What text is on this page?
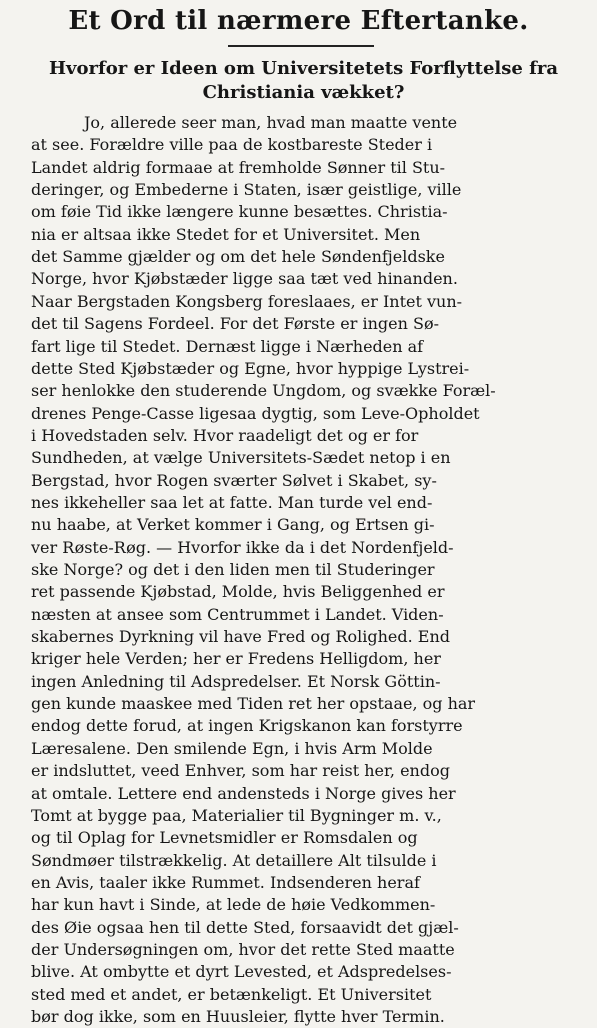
Et Ord til nærmere Eftertanke.
Hvorfor er Ideen om Universitetets Forflyttelse fra
Christiania vækket?
Jo, allerede seer man, hvad man maatte vente
at see. Forældre ville paa de kostbareste Steder i
Landet aldrig formaae at fremholde Sønner til Stu-
deringer, og Embederne i Staten, især geistlige, ville
om føie Tid ikke længere kunne besættes. Christia-
nia er altsaa ikke Stedet for et Universitet. Men
det Samme gjælder og om det hele Søndenfjeldske
Norge, hvor Kjøbstæder ligge saa tæt ved hinanden.
Naar Bergstaden Kongsberg foreslaaes, er Intet vun-
det til Sagens Fordeel. For det Første er ingen Sø-
fart lige til Stedet. Dernæst ligge i Nærheden af
dette Sted Kjøbstæder og Egne, hvor hyppige Lystrei-
ser henlokke den studerende Ungdom, og svække Foræl-
drenes Penge-Casse ligesaa dygtig, som Leve-Opholdet
i Hovedstaden selv. Hvor raadeligt det og er for
Sundheden, at vælge Universitets-Sædet netop i en
Bergstad, hvor Rogen sværter Sølvet i Skabet, sy-
nes ikkeheller saa let at fatte. Man turde vel end-
nu haabe, at Verket kommer i Gang, og Ertsen gi-
ver Røste-Røg. — Hvorfor ikke da i det Nordenfjeld-
ske Norge? og det i den liden men til Studeringer
ret passende Kjøbstad, Molde, hvis Beliggenhed er
næsten at ansee som Centrummet i Landet. Viden-
skabernes Dyrkning vil have Fred og Rolighed. End
kriger hele Verden; her er Fredens Helligdom, her
ingen Anledning til Adspredelser. Et Norsk Göttin-
gen kunde maaskee med Tiden ret her opstaae, og har
endog dette forud, at ingen Krigskanon kan forstyrre
Læresalene. Den smilende Egn, i hvis Arm Molde
er indsluttet, veed Enhver, som har reist her, endog
at omtale. Lettere end andensteds i Norge gives her
Tomt at bygge paa, Materialier til Bygninger m. v.,
og til Oplag for Levnetsmidler er Romsdalen og
Søndmøer tilstrækkelig. At detaillere Alt tilsulde i
en Avis, taaler ikke Rummet. Indsenderen heraf
har kun havt i Sinde, at lede de høie Vedkommen-
des Øie ogsaa hen til dette Sted, forsaavidt det gjæl-
der Undersøgningen om, hvor det rette Sted maatte
blive. At ombytte et dyrt Levested, et Adspredelses-
sted med et andet, er betænkeligt. Et Universitet
bør dog ikke, som en Huusleier, flytte hver Termin.
